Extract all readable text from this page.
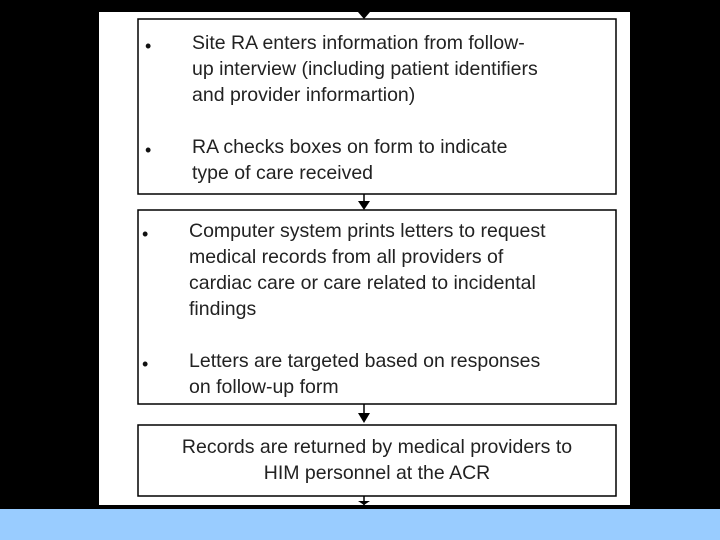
• Site RA enters information from follow-
up interview (including patient identifiers
and provider informartion)

• RA checks boxes on form to indicate
type of care received

• Computer system prints letters to request
medical records from all providers of
cardiac care or care related to incidental
findings

• Letters are targeted based on responses
on follow-up form

Records are returned by medical providers to
HIM personnel at the ACR
